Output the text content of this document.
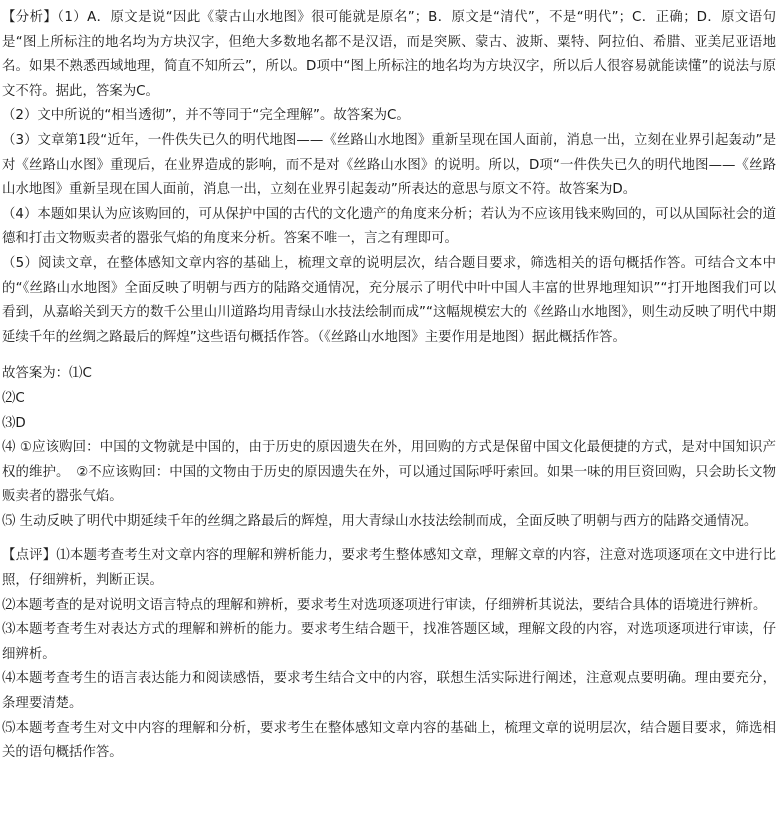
【分析】（1）A．原文是说“因此《蒙古山水地图》很可能就是原名”；B．原文是“清代”，不是“明代”；C．正确；D．原文语句是“图上所标注的地名均为方块汉字，但绝大多数地名都不是汉语，而是突厥、蒙古、波斯、粟特、阿拉伯、希腊、亚美尼亚语地名。如果不熟悉西域地理，简直不知所云”，所以。D项中“图上所标注的地名均为方块汉字，所以后人很容易就能读懂”的说法与原文不符。据此，答案为C。

（2）文中所说的“相当透彻”，并不等同于“完全理解”。故答案为C。

（3）文章第1段“近年，一件佚失已久的明代地图——《丝路山水地图》重新呈现在国人面前，消息一出，立刻在业界引起轰动”是对《丝路山水图》重现后，在业界造成的影响，而不是对《丝路山水图》的说明。所以，D项“一件佚失已久的明代地图——《丝路山水地图》重新呈现在国人面前，消息一出，立刻在业界引起轰动”所表达的意思与原文不符。故答案为D。

（4）本题如果认为应该购回的，可从保护中国的古代的文化遗产的角度来分析；若认为不应该用钱来购回的，可以从国际社会的道德和打击文物贩卖者的嚣张气焰的角度来分析。答案不唯一，言之有理即可。

（5）阅读文章，在整体感知文章内容的基础上，梳理文章的说明层次，结合题目要求，筛选相关的语句概括作答。可结合文本中的“《丝路山水地图》全面反映了明朝与西方的陆路交通情况，充分展示了明代中叶中国人丰富的世界地理知识”“打开地图我们可以看到，从嘉峪关到天方的数千公里山川道路均用青绿山水技法绘制而成”“这幅规模宏大的《丝路山水地图》，则生动反映了明代中期延续千年的丝绸之路最后的辉煌”这些语句概括作答。（《丝路山水地图》主要作用是地图）据此概括作答。

故答案为：⑴C

⑵C

⑶D

⑷ ①应该购回：中国的文物就是中国的，由于历史的原因遗失在外，用回购的方式是保留中国文化最便捷的方式，是对中国知识产权的维护。　②不应该购回：中国的文物由于历史的原因遗失在外，可以通过国际呼吁索回。如果一味的用巨资回购，只会助长文物贩卖者的嚣张气焰。

⑸ 生动反映了明代中期延续千年的丝绸之路最后的辉煌，用大青绿山水技法绘制而成，全面反映了明朝与西方的陆路交通情况。

【点评】⑴本题考查考生对文章内容的理解和辨析能力，要求考生整体感知文章，理解文章的内容，注意对选项逐项在文中进行比照，仔细辨析，判断正误。

⑵本题考查的是对说明文语言特点的理解和辨析，要求考生对选项逐项进行审读，仔细辨析其说法，要结合具体的语境进行辨析。

⑶本题考查考生对表达方式的理解和辨析的能力。要求考生结合题干，找准答题区域，理解文段的内容，对选项逐项进行审读，仔细辨析。

⑷本题考查考生的语言表达能力和阅读感悟，要求考生结合文中的内容，联想生活实际进行阐述，注意观点要明确。理由要充分，条理要清楚。

⑸本题考查考生对文中内容的理解和分析，要求考生在整体感知文章内容的基础上，梳理文章的说明层次，结合题目要求，筛选相关的语句概括作答。
